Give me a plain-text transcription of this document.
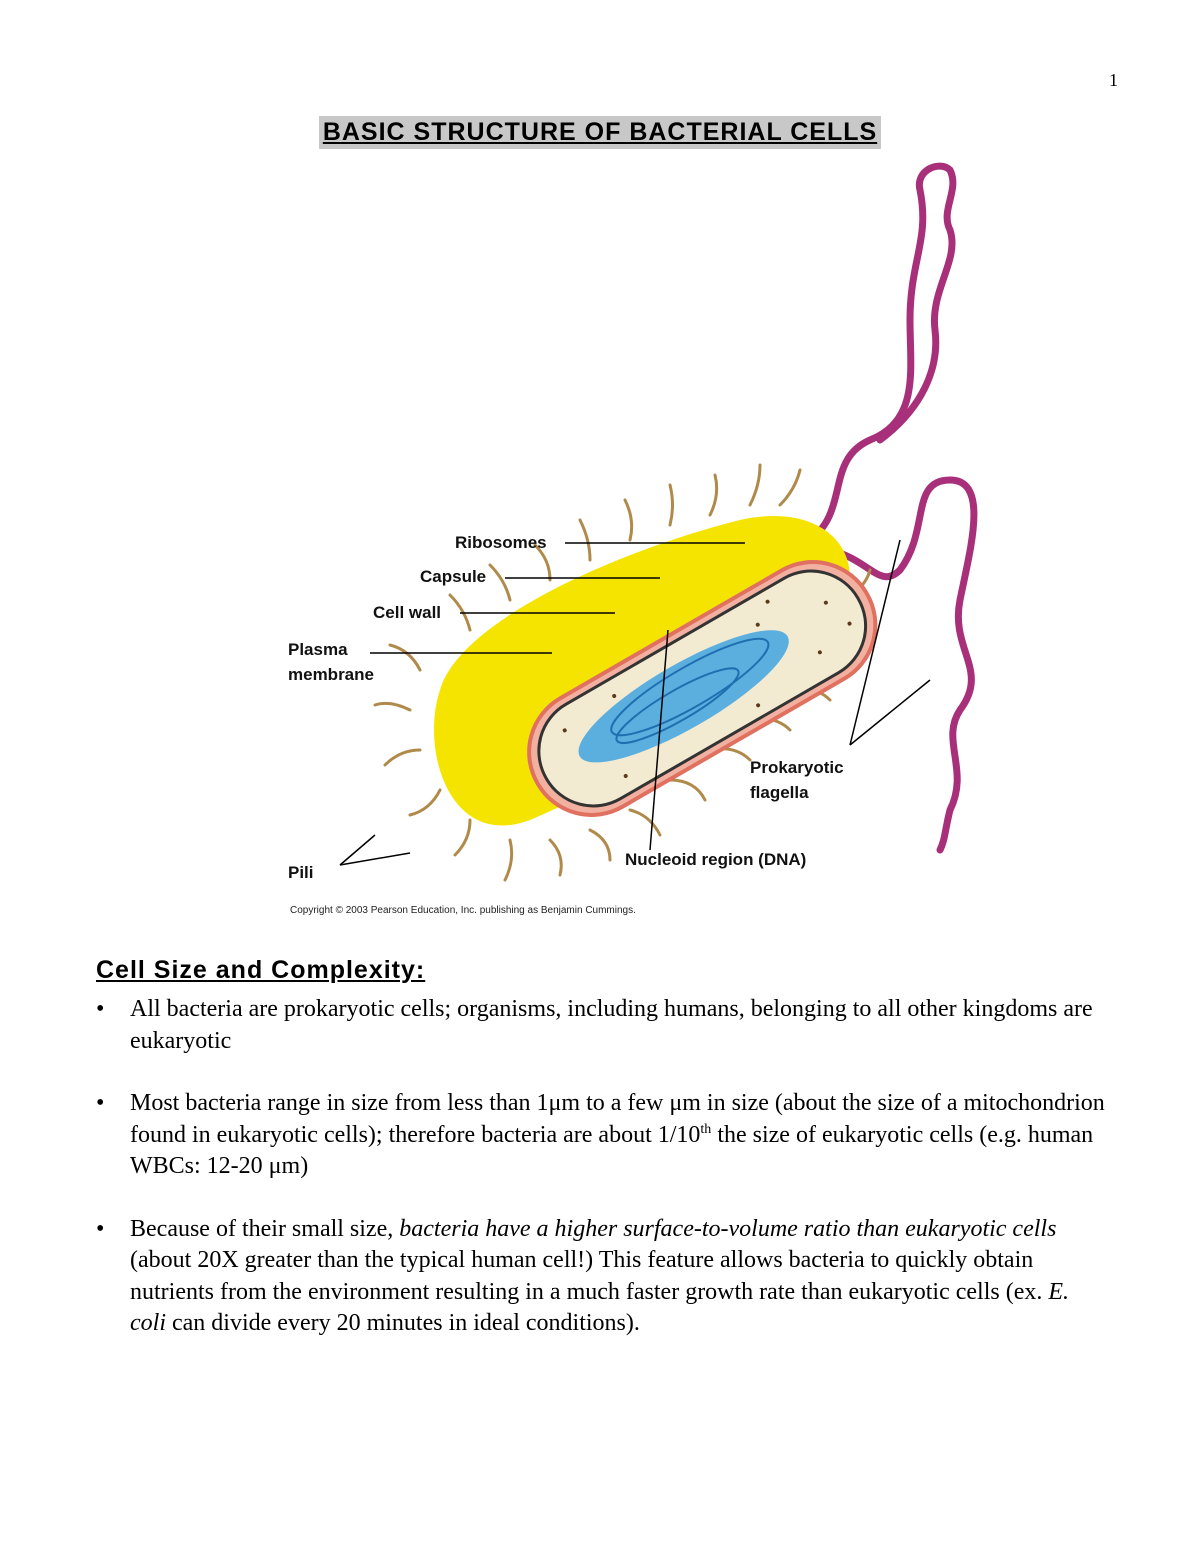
1
BASIC STRUCTURE OF BACTERIAL CELLS
Ribosomes
Capsule
Cell wall
Plasma
membrane
Prokaryotic
flagella
Nucleoid region (DNA)
Pili
Copyright © 2003 Pearson Education, Inc. publishing as Benjamin Cummings.
Cell Size and Complexity:
• All bacteria are prokaryotic cells; organisms, including humans, belonging to all other kingdoms are eukaryotic
• Most bacteria range in size from less than 1μm to a few μm in size (about the size of a mitochondrion found in eukaryotic cells); therefore bacteria are about 1/10th the size of eukaryotic cells (e.g. human WBCs: 12-20 μm)
• Because of their small size, bacteria have a higher surface-to-volume ratio than eukaryotic cells (about 20X greater than the typical human cell!) This feature allows bacteria to quickly obtain nutrients from the environment resulting in a much faster growth rate than eukaryotic cells (ex. E. coli can divide every 20 minutes in ideal conditions).
